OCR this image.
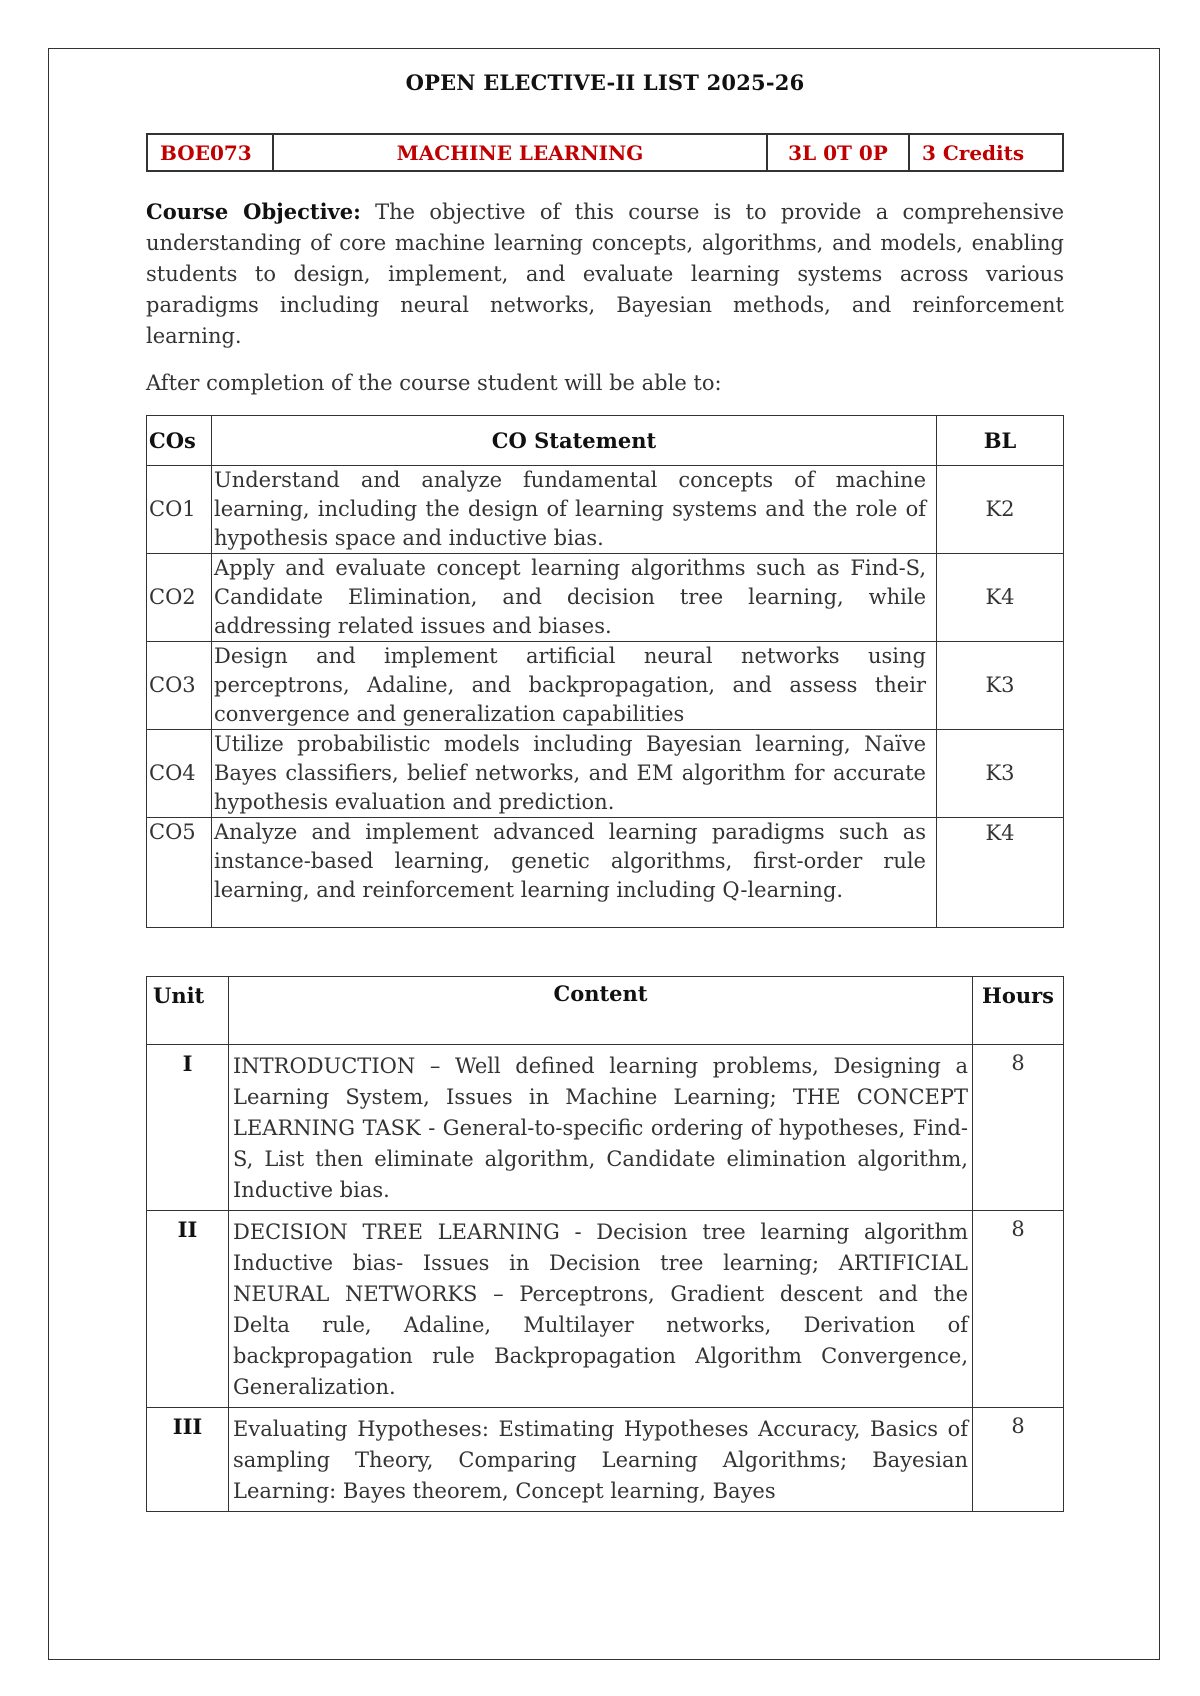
OPEN ELECTIVE-II LIST 2025-26
BOE073	MACHINE LEARNING	3L 0T 0P	3 Credits

Course Objective: The objective of this course is to provide a comprehensive understanding of core machine learning concepts, algorithms, and models, enabling students to design, implement, and evaluate learning systems across various paradigms including neural networks, Bayesian methods, and reinforcement learning.

After completion of the course student will be able to:

COs	CO Statement	BL
CO1	Understand and analyze fundamental concepts of machine learning, including the design of learning systems and the role of hypothesis space and inductive bias.	K2
CO2	Apply and evaluate concept learning algorithms such as Find-S, Candidate Elimination, and decision tree learning, while addressing related issues and biases.	K4
CO3	Design and implement artificial neural networks using perceptrons, Adaline, and backpropagation, and assess their convergence and generalization capabilities	K3
CO4	Utilize probabilistic models including Bayesian learning, Naïve Bayes classifiers, belief networks, and EM algorithm for accurate hypothesis evaluation and prediction.	K3
CO5	Analyze and implement advanced learning paradigms such as instance-based learning, genetic algorithms, first-order rule learning, and reinforcement learning including Q-learning.	K4
Unit	Content	Hours
I	INTRODUCTION – Well defined learning problems, Designing a Learning System, Issues in Machine Learning; THE CONCEPT LEARNING TASK - General-to-specific ordering of hypotheses, Find-S, List then eliminate algorithm, Candidate elimination algorithm, Inductive bias.	8
II	DECISION TREE LEARNING - Decision tree learning algorithm Inductive bias- Issues in Decision tree learning; ARTIFICIAL NEURAL NETWORKS – Perceptrons, Gradient descent and the Delta rule, Adaline, Multilayer networks, Derivation of backpropagation rule Backpropagation Algorithm Convergence, Generalization.	8
III	Evaluating Hypotheses: Estimating Hypotheses Accuracy, Basics of sampling Theory, Comparing Learning Algorithms; Bayesian Learning: Bayes theorem, Concept learning, Bayes	8
